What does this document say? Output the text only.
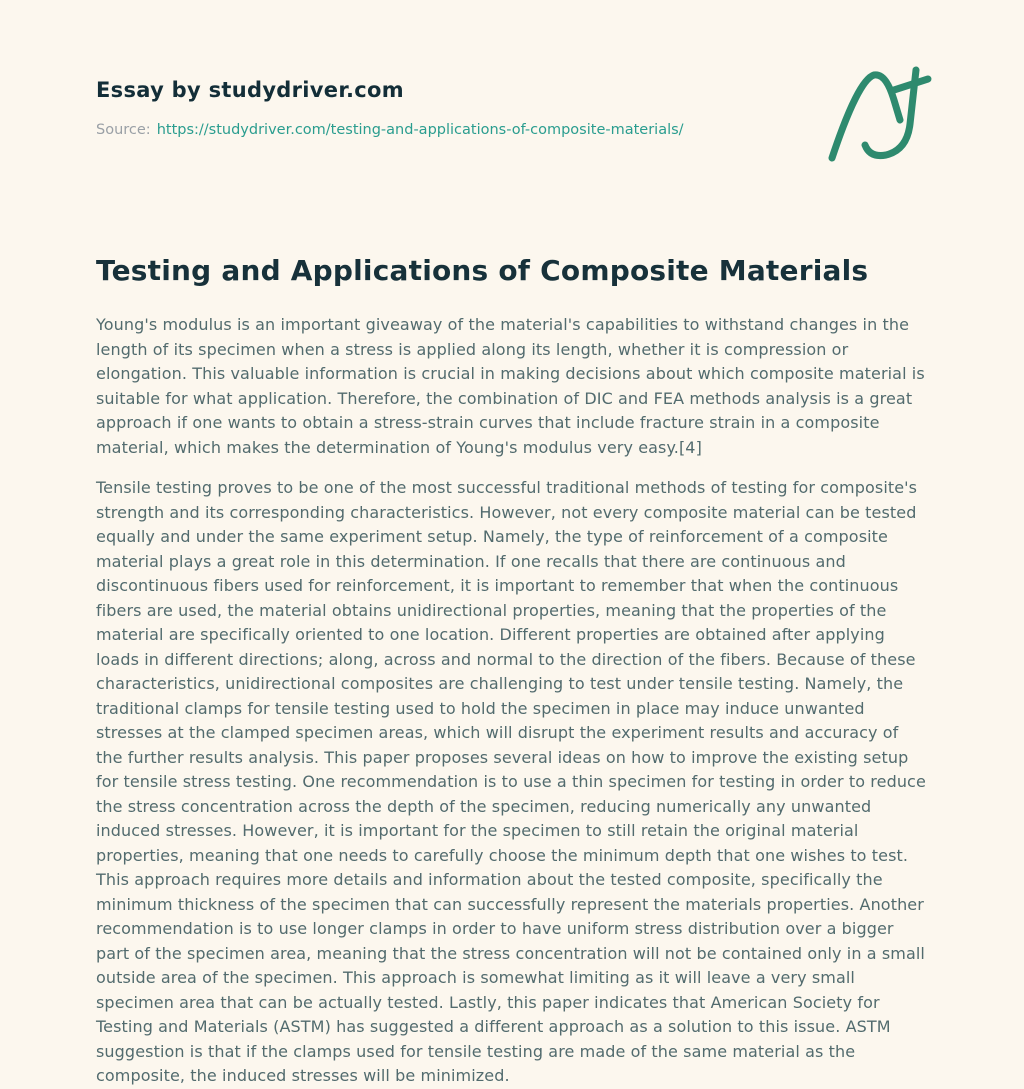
Essay by studydriver.com
Source: https://studydriver.com/testing-and-applications-of-composite-materials/
Testing and Applications of Composite Materials

Young's modulus is an important giveaway of the material's capabilities to withstand changes in the length of its specimen when a stress is applied along its length, whether it is compression or elongation. This valuable information is crucial in making decisions about which composite material is suitable for what application. Therefore, the combination of DIC and FEA methods analysis is a great approach if one wants to obtain a stress-strain curves that include fracture strain in a composite material, which makes the determination of Young's modulus very easy.[4]

Tensile testing proves to be one of the most successful traditional methods of testing for composite's strength and its corresponding characteristics. However, not every composite material can be tested equally and under the same experiment setup. Namely, the type of reinforcement of a composite material plays a great role in this determination. If one recalls that there are continuous and discontinuous fibers used for reinforcement, it is important to remember that when the continuous fibers are used, the material obtains unidirectional properties, meaning that the properties of the material are specifically oriented to one location. Different properties are obtained after applying loads in different directions; along, across and normal to the direction of the fibers. Because of these characteristics, unidirectional composites are challenging to test under tensile testing. Namely, the traditional clamps for tensile testing used to hold the specimen in place may induce unwanted stresses at the clamped specimen areas, which will disrupt the experiment results and accuracy of the further results analysis. This paper proposes several ideas on how to improve the existing setup for tensile stress testing. One recommendation is to use a thin specimen for testing in order to reduce the stress concentration across the depth of the specimen, reducing numerically any unwanted induced stresses. However, it is important for the specimen to still retain the original material properties, meaning that one needs to carefully choose the minimum depth that one wishes to test. This approach requires more details and information about the tested composite, specifically the minimum thickness of the specimen that can successfully represent the materials properties. Another recommendation is to use longer clamps in order to have uniform stress distribution over a bigger part of the specimen area, meaning that the stress concentration will not be contained only in a small outside area of the specimen. This approach is somewhat limiting as it will leave a very small specimen area that can be actually tested. Lastly, this paper indicates that American Society for Testing and Materials (ASTM) has suggested a different approach as a solution to this issue. ASTM suggestion is that if the clamps used for tensile testing are made of the same material as the composite, the induced stresses will be minimized.
